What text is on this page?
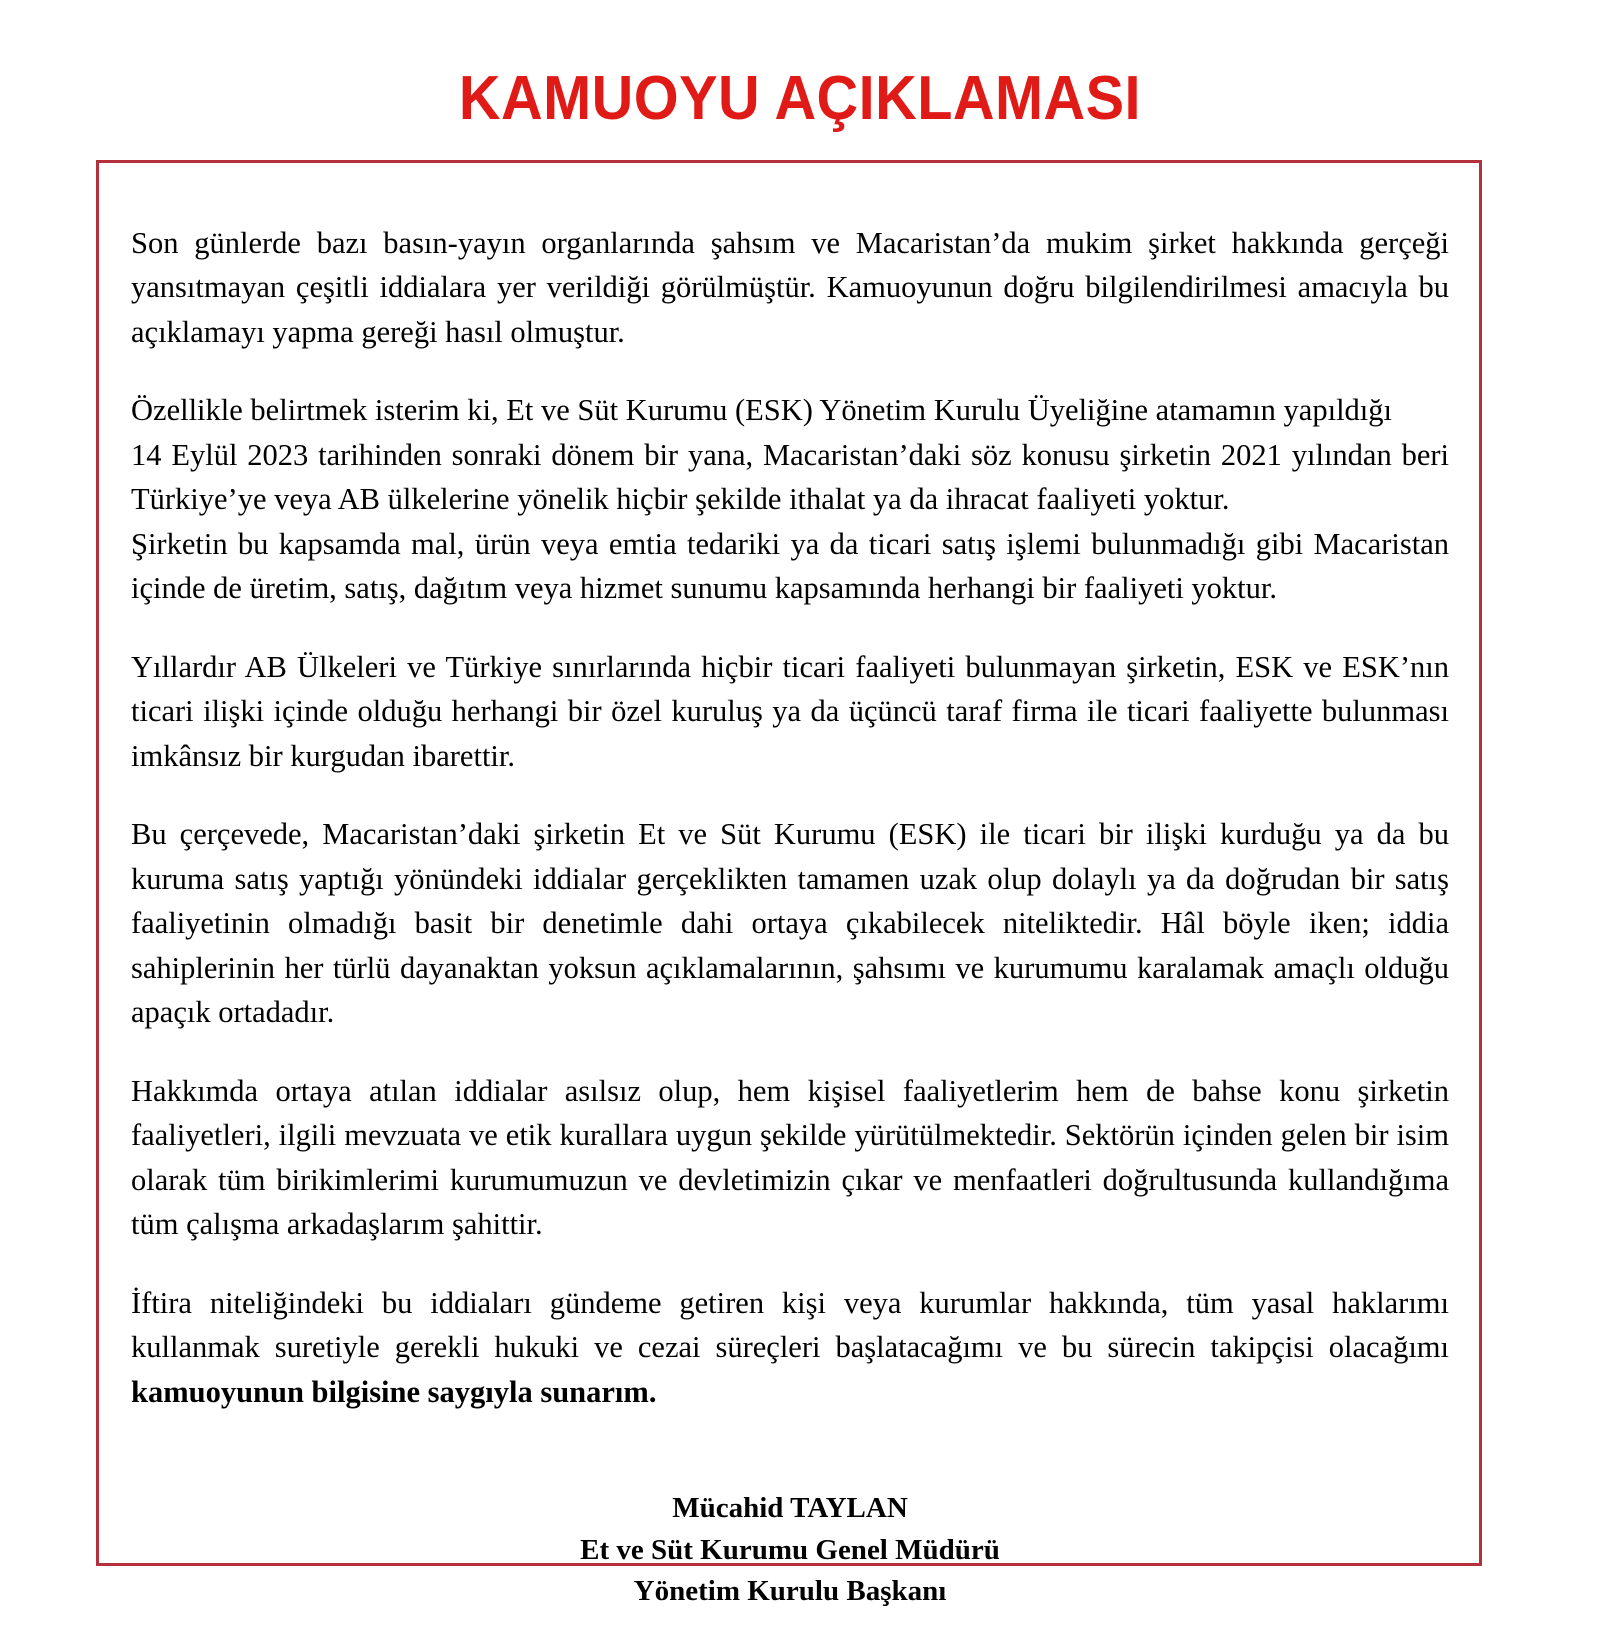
KAMUOYU AÇIKLAMASI

Son günlerde bazı basın-yayın organlarında şahsım ve Macaristan’da mukim şirket hakkında gerçeği yansıtmayan çeşitli iddialara yer verildiği görülmüştür. Kamuoyunun doğru bilgilendirilmesi amacıyla bu açıklamayı yapma gereği hasıl olmuştur.

Özellikle belirtmek isterim ki, Et ve Süt Kurumu (ESK) Yönetim Kurulu Üyeliğine atamamın yapıldığı

14 Eylül 2023 tarihinden sonraki dönem bir yana, Macaristan’daki söz konusu şirketin 2021 yılından beri Türkiye’ye veya AB ülkelerine yönelik hiçbir şekilde ithalat ya da ihracat faaliyeti yoktur.

Şirketin bu kapsamda mal, ürün veya emtia tedariki ya da ticari satış işlemi bulunmadığı gibi Macaristan içinde de üretim, satış, dağıtım veya hizmet sunumu kapsamında herhangi bir faaliyeti yoktur.

Yıllardır AB Ülkeleri ve Türkiye sınırlarında hiçbir ticari faaliyeti bulunmayan şirketin, ESK ve ESK’nın ticari ilişki içinde olduğu herhangi bir özel kuruluş ya da üçüncü taraf firma ile ticari faaliyette bulunması imkânsız bir kurgudan ibarettir.

Bu çerçevede, Macaristan’daki şirketin Et ve Süt Kurumu (ESK) ile ticari bir ilişki kurduğu ya da bu kuruma satış yaptığı yönündeki iddialar gerçeklikten tamamen uzak olup dolaylı ya da doğrudan bir satış faaliyetinin olmadığı basit bir denetimle dahi ortaya çıkabilecek niteliktedir. Hâl böyle iken; iddia sahiplerinin her türlü dayanaktan yoksun açıklamalarının, şahsımı ve kurumumu karalamak amaçlı olduğu apaçık ortadadır.

Hakkımda ortaya atılan iddialar asılsız olup, hem kişisel faaliyetlerim hem de bahse konu şirketin faaliyetleri, ilgili mevzuata ve etik kurallara uygun şekilde yürütülmektedir. Sektörün içinden gelen bir isim olarak tüm birikimlerimi kurumumuzun ve devletimizin çıkar ve menfaatleri doğrultusunda kullandığıma tüm çalışma arkadaşlarım şahittir.

İftira niteliğindeki bu iddiaları gündeme getiren kişi veya kurumlar hakkında, tüm yasal haklarımı kullanmak suretiyle gerekli hukuki ve cezai süreçleri başlatacağımı ve bu sürecin takipçisi olacağımı kamuoyunun bilgisine saygıyla sunarım.

Mücahid TAYLAN
Et ve Süt Kurumu Genel Müdürü
Yönetim Kurulu Başkanı
